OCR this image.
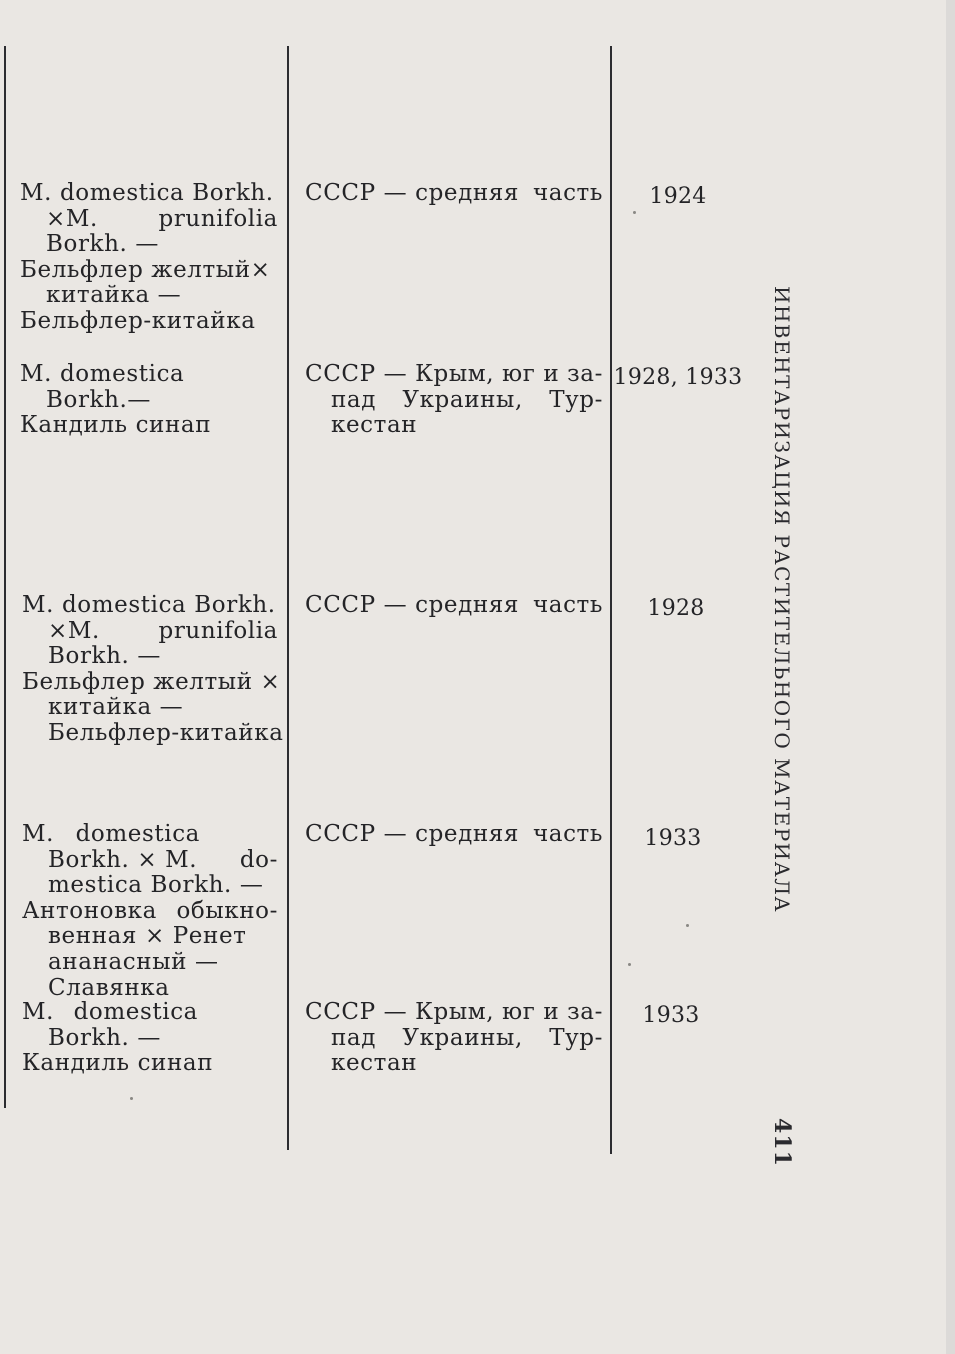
M. domestica Borkh.
×M.	prunifolia
Borkh. —
Бельфлер желтый×
китайка —
Бельфлер-китайка
СССР — средняя часть	1924
M. domestica
Borkh.—
Кандиль синап
СССР — Крым, юг и за-
пад Украины, Тур-
кестан
1928, 1933
M. domestica Borkh.
×M.	prunifolia
Borkh. —
Бельфлер желтый ×
китайка —
Бельфлер-китайка
СССР — средняя часть	1928
M. domestica
Borkh. × M. do-
mestica Borkh. —
Антоновка обыкно-
венная × Ренет
ананасный —
Славянка
СССР — средняя часть	1933
M. domestica
Borkh. —
Кандиль синап
СССР — Крым, юг и за-
пад Украины, Тур-
кестан
1933
ИНВЕНТАРИЗАЦИЯ РАСТИТЕЛЬНОГО МАТЕРИАЛА
411
